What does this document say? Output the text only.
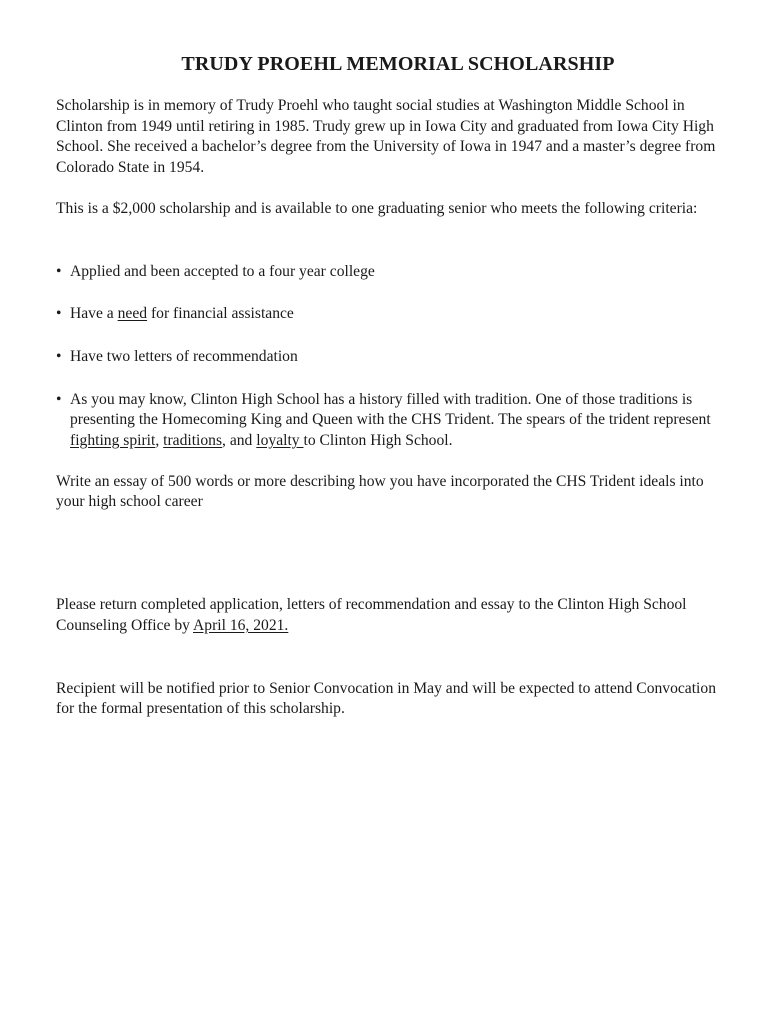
TRUDY PROEHL MEMORIAL SCHOLARSHIP

Scholarship is in memory of Trudy Proehl who taught social studies at Washington Middle School in Clinton from 1949 until retiring in 1985. Trudy grew up in Iowa City and graduated from Iowa City High School. She received a bachelor’s degree from the University of Iowa in 1947 and a master’s degree from Colorado State in 1954.

This is a $2,000 scholarship and is available to one graduating senior who meets the following criteria:

• Applied and been accepted to a four year college
• Have a need for financial assistance
• Have two letters of recommendation
• As you may know, Clinton High School has a history filled with tradition. One of those traditions is presenting the Homecoming King and Queen with the CHS Trident. The spears of the trident represent fighting spirit, traditions, and loyalty to Clinton High School.

Write an essay of 500 words or more describing how you have incorporated the CHS Trident ideals into your high school career

Please return completed application, letters of recommendation and essay to the Clinton High School Counseling Office by April 16, 2021.

Recipient will be notified prior to Senior Convocation in May and will be expected to attend Convocation for the formal presentation of this scholarship.
